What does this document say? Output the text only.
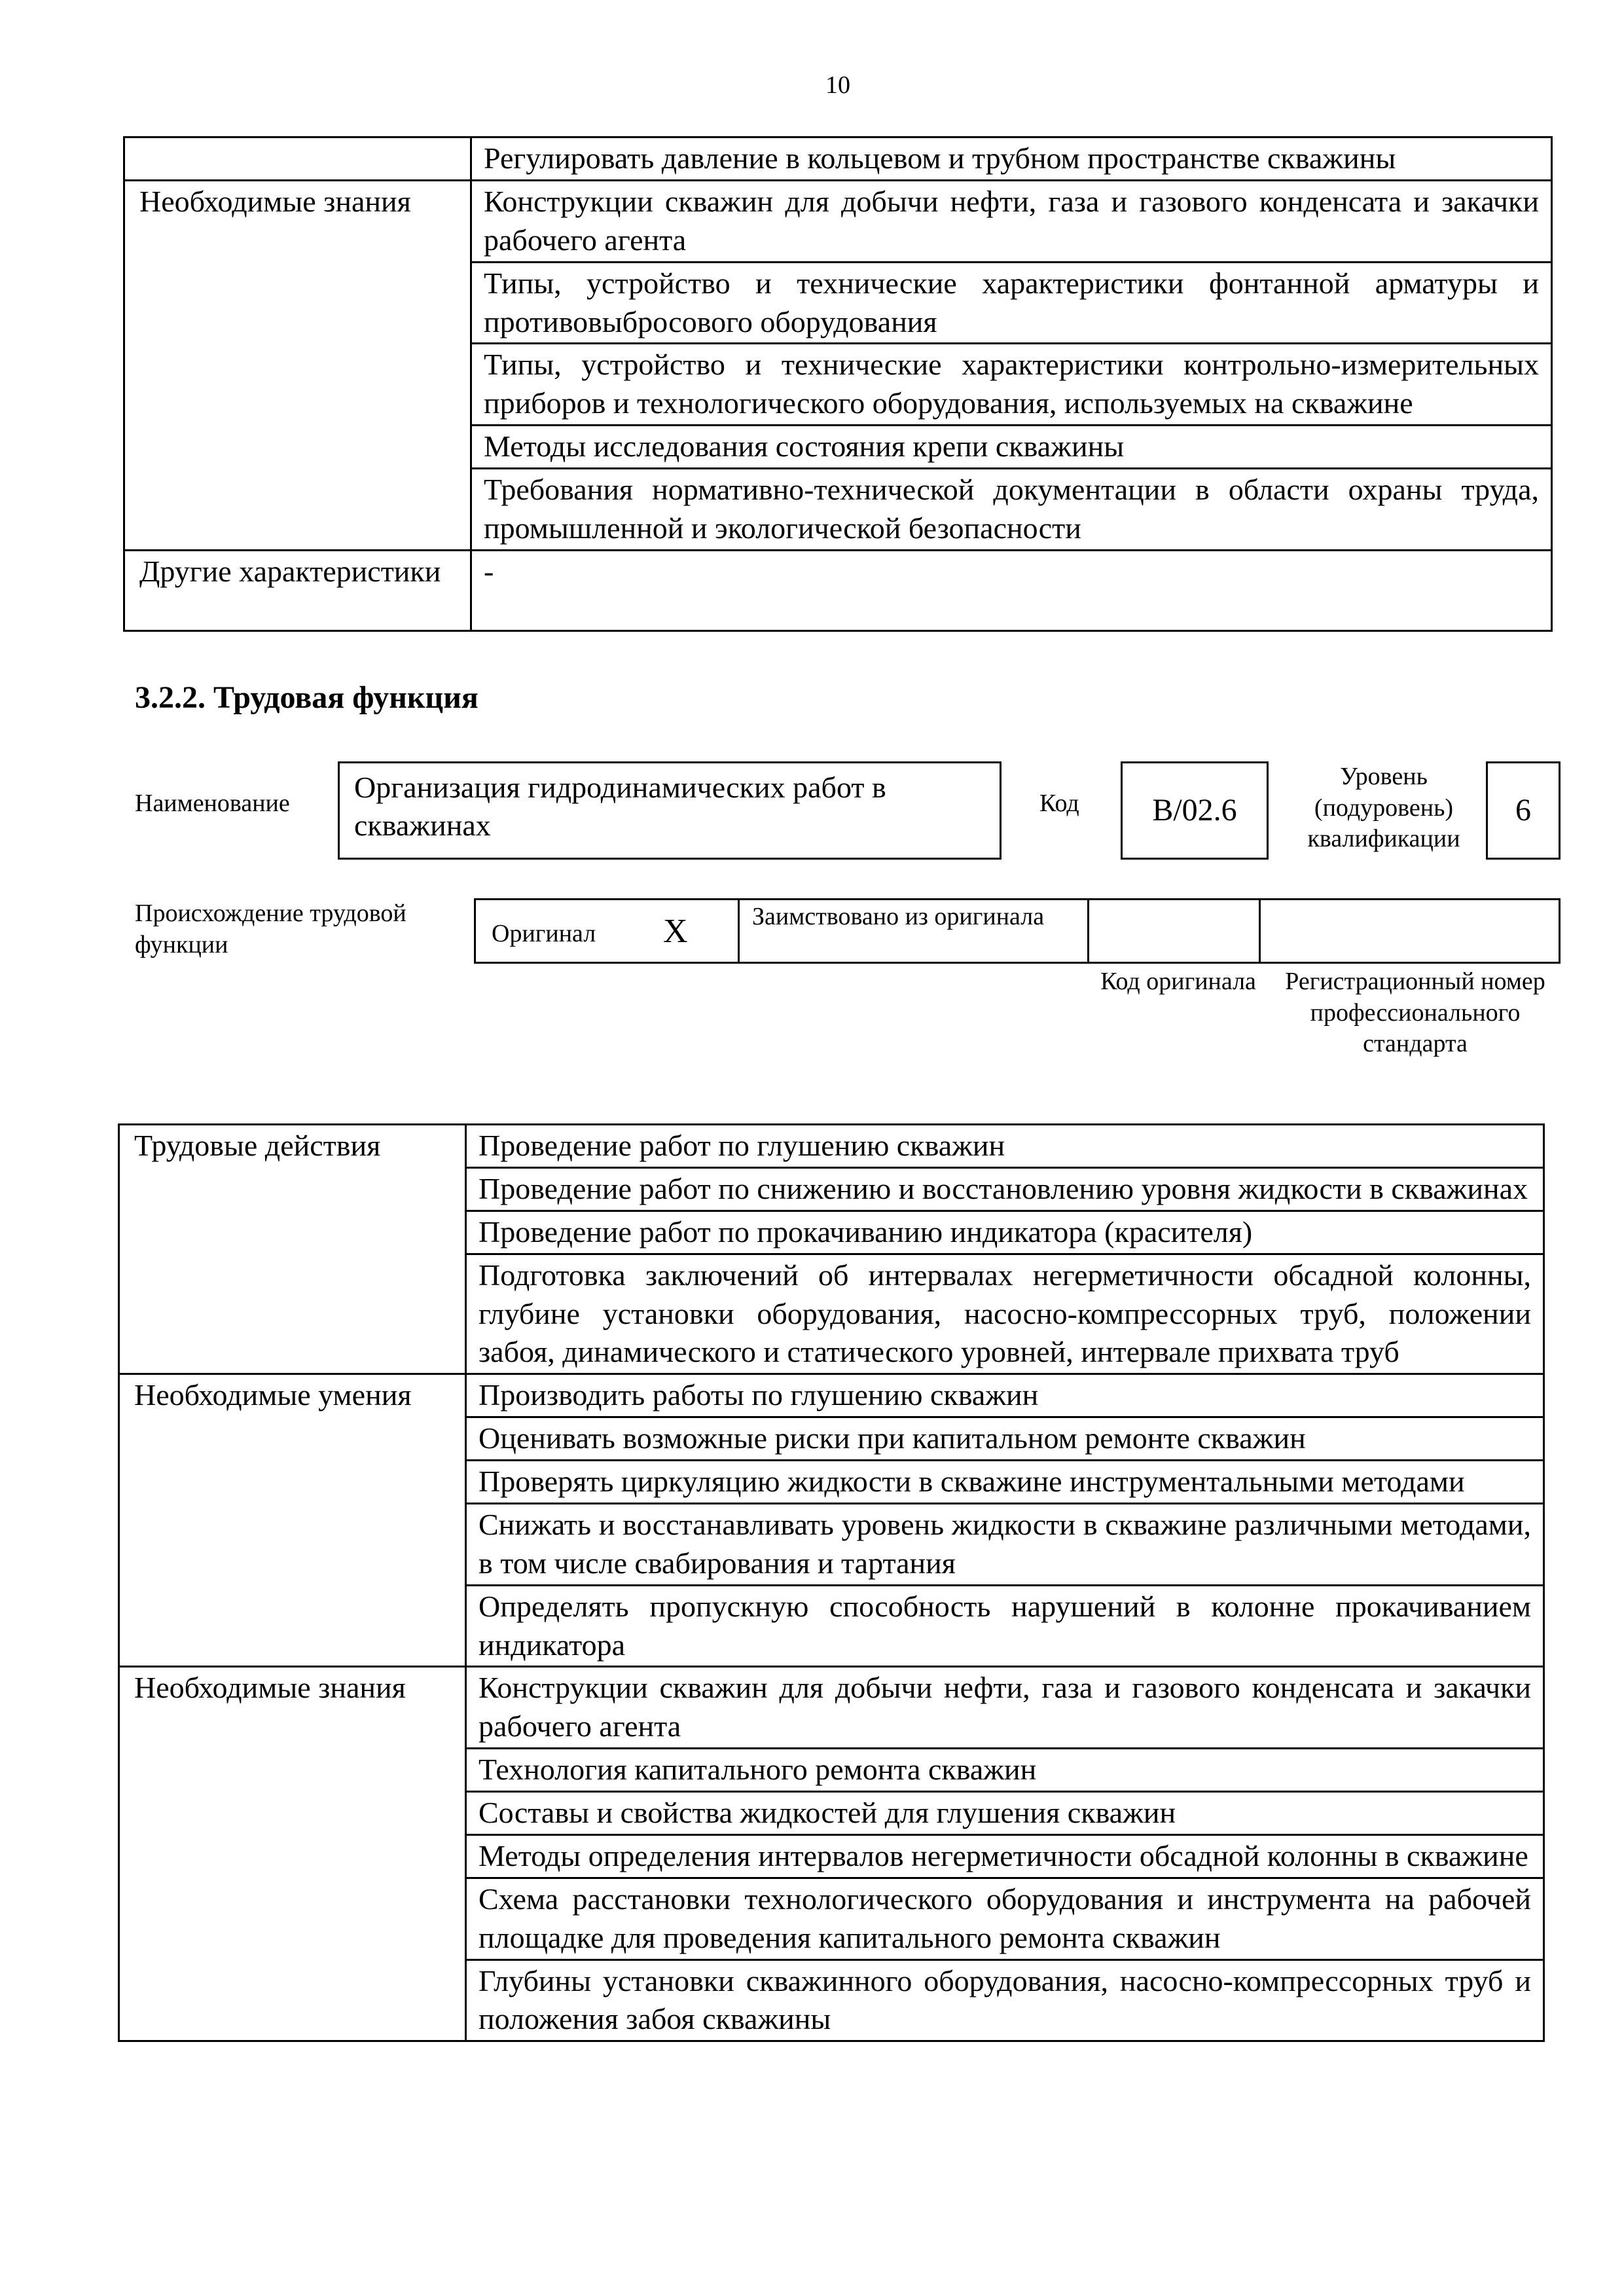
10
	Регулировать давление в кольцевом и трубном пространстве скважины
Необходимые знания	Конструкции скважин для добычи нефти, газа и газового конденсата и закачки рабочего агента
	Типы, устройство и технические характеристики фонтанной арматуры и противовыбросового оборудования
	Типы, устройство и технические характеристики контрольно-измерительных приборов и технологического оборудования, используемых на скважине
	Методы исследования состояния крепи скважины
	Требования нормативно-технической документации в области охраны труда, промышленной и экологической безопасности
Другие характеристики	-
3.2.2. Трудовая функция
Наименование	Организация гидродинамических работ в скважинах
Код	B/02.6
Уровень (подуровень) квалификации
6
Происхождение трудовой функции	Оригинал X	Заимствовано из оригинала
Код оригинала	Регистрационный номер профессионального стандарта
Трудовые действия	Проведение работ по глушению скважин
	Проведение работ по снижению и восстановлению уровня жидкости в скважинах
	Проведение работ по прокачиванию индикатора (красителя)
	Подготовка заключений об интервалах негерметичности обсадной колонны, глубине установки оборудования, насосно-компрессорных труб, положении забоя, динамического и статического уровней, интервале прихвата труб
Необходимые умения	Производить работы по глушению скважин
	Оценивать возможные риски при капитальном ремонте скважин
	Проверять циркуляцию жидкости в скважине инструментальными методами
	Снижать и восстанавливать уровень жидкости в скважине различными методами, в том числе свабирования и тартания
	Определять пропускную способность нарушений в колонне прокачиванием индикатора
Необходимые знания	Конструкции скважин для добычи нефти, газа и газового конденсата и закачки рабочего агента
	Технология капитального ремонта скважин
	Составы и свойства жидкостей для глушения скважин
	Методы определения интервалов негерметичности обсадной колонны в скважине
	Схема расстановки технологического оборудования и инструмента на рабочей площадке для проведения капитального ремонта скважин
	Глубины установки скважинного оборудования, насосно-компрессорных труб и положения забоя скважины
